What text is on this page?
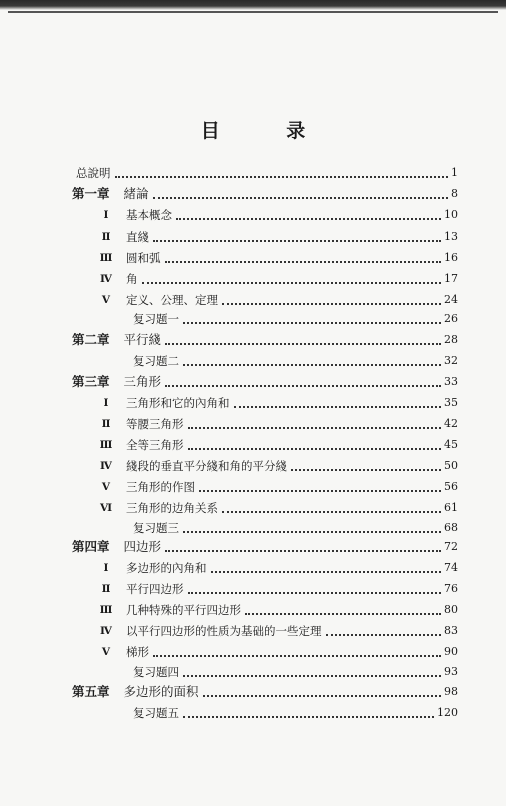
目 录
总說明	1
第一章 緒論	8
I	基本概念	10
Ⅱ	直綫	13
Ⅲ	圆和弧	16
Ⅳ	角	17
Ⅴ	定义、公理、定理	24
复习题一	26
第二章 平行綫	28
复习题二	32
第三章 三角形	33
I	三角形和它的內角和	35
Ⅱ	等腰三角形	42
Ⅲ	全等三角形	45
Ⅳ	綫段的垂直平分綫和角的平分綫	50
Ⅴ	三角形的作图	56
Ⅵ	三角形的边角关系	61
复习题三	68
第四章 四边形	72
I	多边形的內角和	74
Ⅱ	平行四边形	76
Ⅲ	几种特殊的平行四边形	80
Ⅳ	以平行四边形的性质为基础的一些定理	83
Ⅴ	梯形	90
复习题四	93
第五章 多边形的面积	98
复习题五	120
